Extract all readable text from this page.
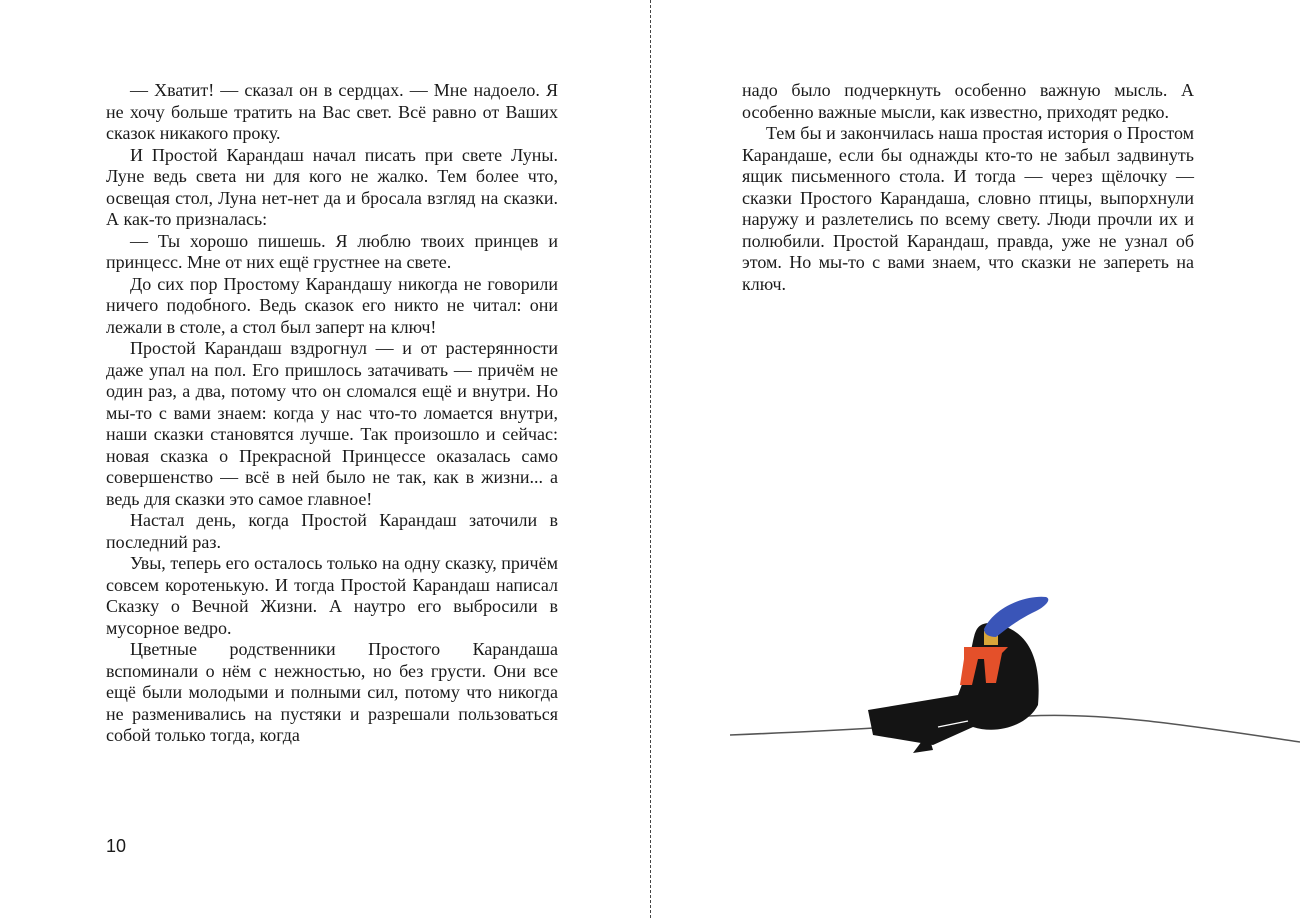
— Хватит! — сказал он в сердцах. — Мне надоело. Я не хочу больше тратить на Вас свет. Всё равно от Ваших сказок никакого проку.

И Простой Карандаш начал писать при свете Луны. Луне ведь света ни для кого не жалко. Тем более что, освещая стол, Луна нет-нет да и бросала взгляд на сказки. А как-то призналась:

— Ты хорошо пишешь. Я люблю твоих принцев и принцесс. Мне от них ещё грустнее на свете.

До сих пор Простому Карандашу никогда не говорили ничего подобного. Ведь сказок его никто не читал: они лежали в столе, а стол был заперт на ключ!

Простой Карандаш вздрогнул — и от растерянности даже упал на пол. Его пришлось затачивать — причём не один раз, а два, потому что он сломался ещё и внутри. Но мы-то с вами знаем: когда у нас что-то ломается внутри, наши сказки становятся лучше. Так произошло и сейчас: новая сказка о Прекрасной Принцессе оказалась само совершенство — всё в ней было не так, как в жизни... а ведь для сказки это самое главное!

Настал день, когда Простой Карандаш заточили в последний раз.

Увы, теперь его осталось только на одну сказку, причём совсем коротенькую. И тогда Простой Карандаш написал Сказку о Вечной Жизни. А наутро его выбросили в мусорное ведро.

Цветные родственники Простого Карандаша вспоминали о нём с нежностью, но без грусти. Они все ещё были молодыми и полными сил, потому что никогда не разменивались на пустяки и разрешали пользоваться собой только тогда, когда

10

надо было подчеркнуть особенно важную мысль. А особенно важные мысли, как известно, приходят редко.

Тем бы и закончилась наша простая история о Простом Карандаше, если бы однажды кто-то не забыл задвинуть ящик письменного стола. И тогда — через щёлочку — сказки Простого Карандаша, словно птицы, выпорхнули наружу и разлетелись по всему свету. Люди прочли их и полюбили. Простой Карандаш, правда, уже не узнал об этом. Но мы-то с вами знаем, что сказки не запереть на ключ.
